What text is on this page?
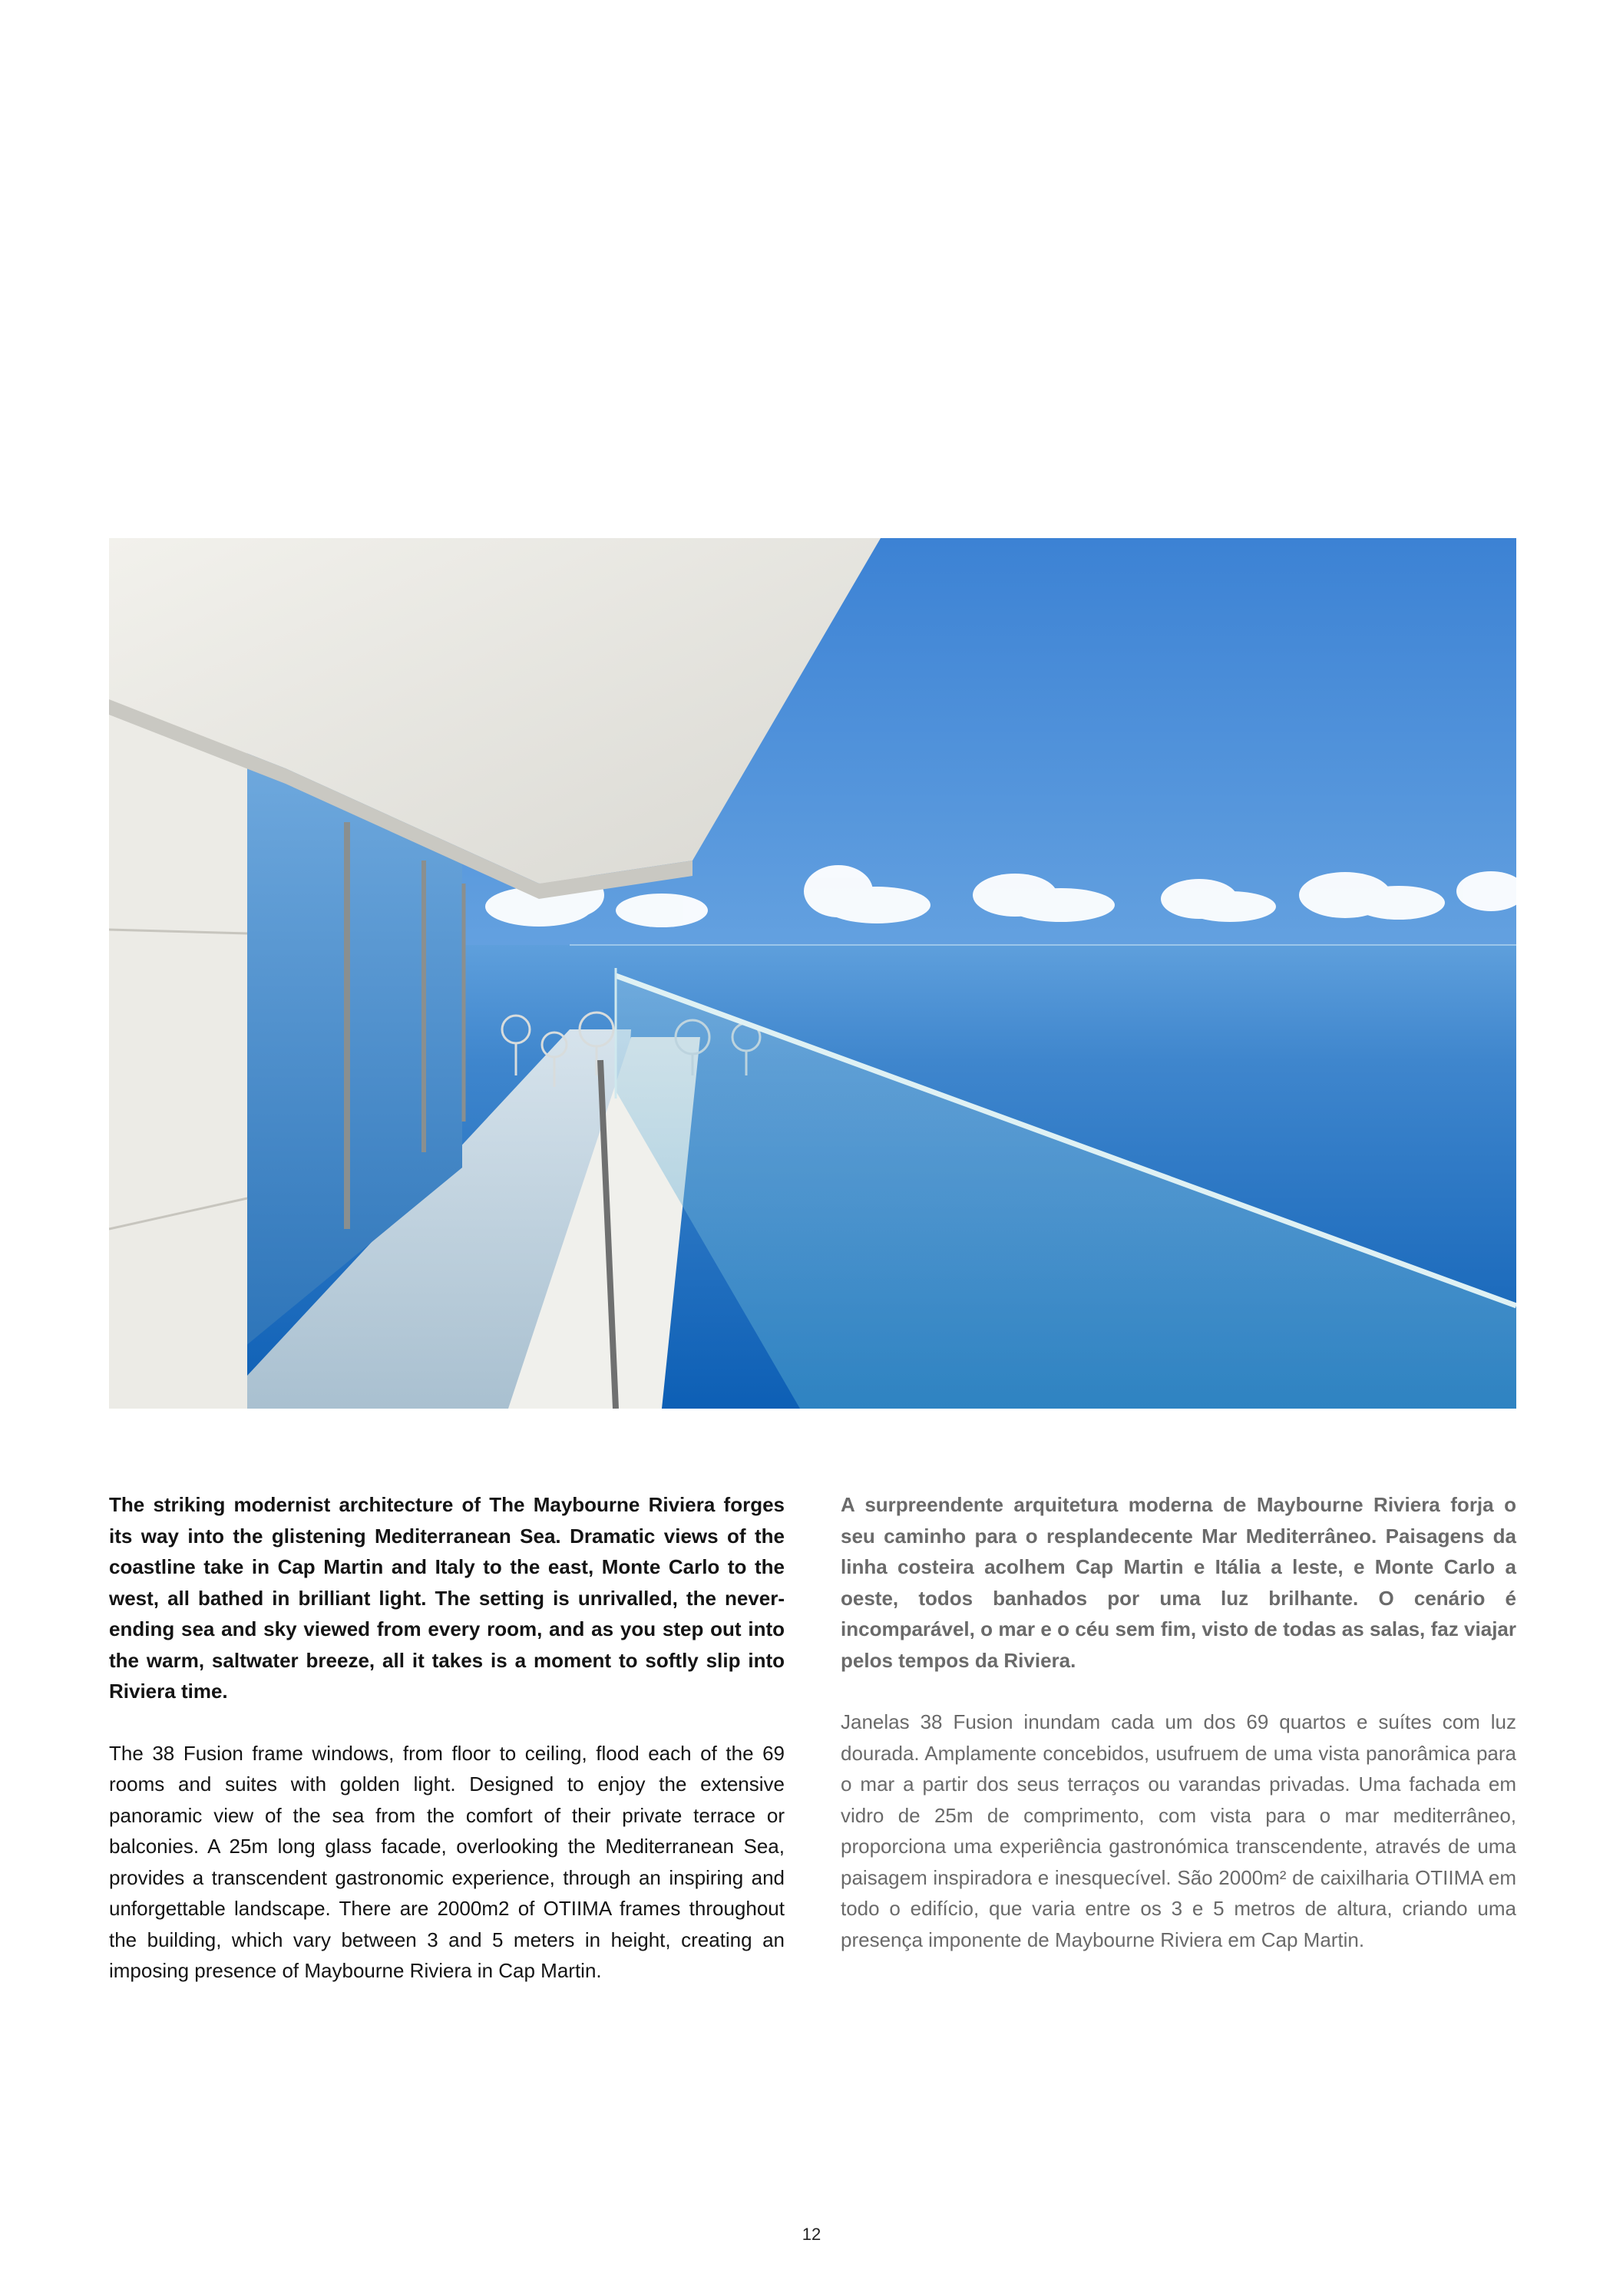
The striking modernist architecture of The Maybourne Riviera forges its way into the glistening Mediterranean Sea. Dramatic views of the coastline take in Cap Martin and Italy to the east, Monte Carlo to the west, all bathed in brilliant light. The setting is unrivalled, the never-ending sea and sky viewed from every room, and as you step out into the warm, saltwater breeze, all it takes is a moment to softly slip into Riviera time.

The 38 Fusion frame windows, from floor to ceiling, flood each of the 69 rooms and suites with golden light. Designed to enjoy the extensive panoramic view of the sea from the comfort of their private terrace or balconies. A 25m long glass facade, overlooking the Mediterranean Sea, provides a transcendent gastronomic experience, through an inspiring and unforgettable landscape. There are 2000m2 of OTIIMA frames throughout the building, which vary between 3 and 5 meters in height, creating an imposing presence of Maybourne Riviera in Cap Martin.

A surpreendente arquitetura moderna de Maybourne Riviera forja o seu caminho para o resplandecente Mar Mediterrâneo. Paisagens da linha costeira acolhem Cap Martin e Itália a leste, e Monte Carlo a oeste, todos banhados por uma luz brilhante. O cenário é incomparável, o mar e o céu sem fim, visto de todas as salas, faz viajar pelos tempos da Riviera.

Janelas 38 Fusion inundam cada um dos 69 quartos e suítes com luz dourada. Amplamente concebidos, usufruem de uma vista panorâmica para o mar a partir dos seus terraços ou varandas privadas. Uma fachada em vidro de 25m de comprimento, com vista para o mar mediterrâneo, proporciona uma experiência gastronómica transcendente, através de uma paisagem inspiradora e inesquecível. São 2000m² de caixilharia OTIIMA em todo o edifício, que varia entre os 3 e 5 metros de altura, criando uma presença imponente de Maybourne Riviera em Cap Martin.

12
